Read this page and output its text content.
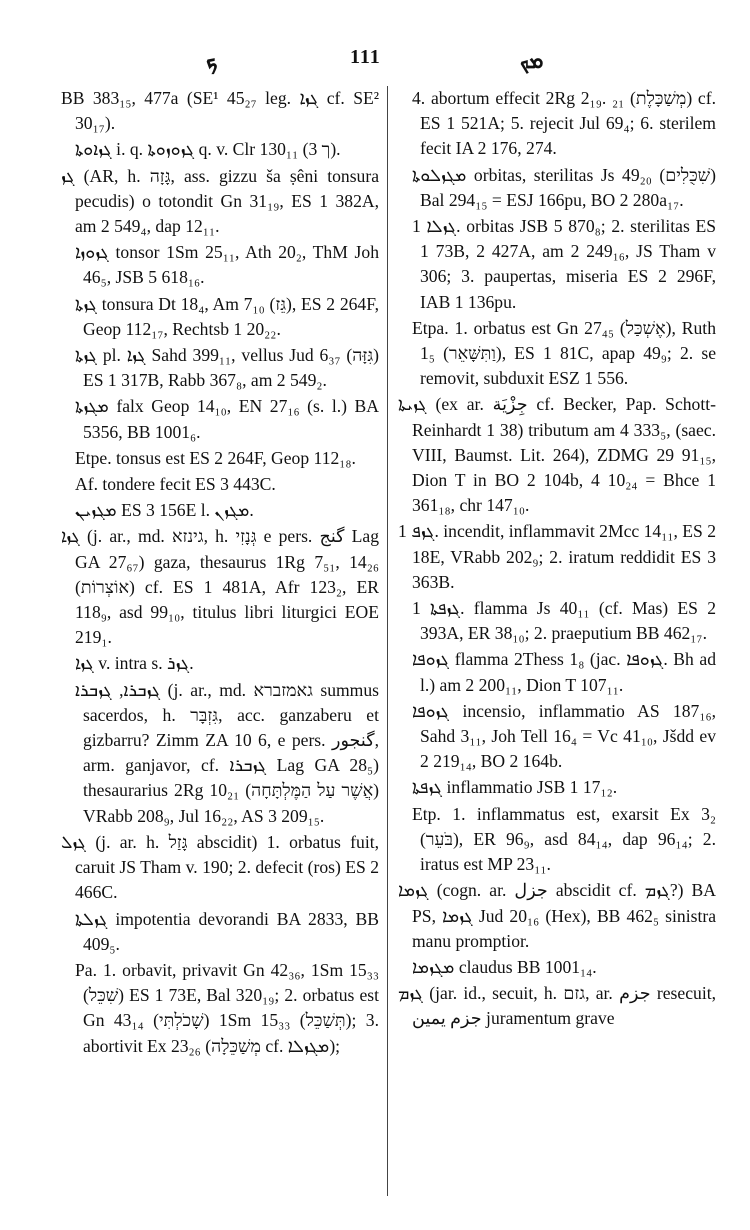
ܟ	111	ܡܟ
BB 383₁₅, 477a (SE¹ 45₂₇ leg. ܓܙܐ cf. SE² 30₁₇).
ܓܙܐܘܬܐ i. q. ܓܙܘܙܘܬܐ q. v. Clr 130₁₁ (ך 3).
ܓܙ (AR, h. גָּזָה, ass. gizzu ša ṣêni tonsura pecudis) o totondit Gn 31₁₉, ES 1 382A, am 2 549₄, dap 12₁₁.
ܓܙܘܙܐ tonsor 1Sm 25₁₁, Ath 20₂, ThM Joh 46₅, JSB 5 618₁₆.
ܓܙܬܐ tonsura Dt 18₄, Am 7₁₀ (גֵּז), ES 2 264F, Geop 112₁₇, Rechtsb 1 20₂₂.
ܓܙܬܐ pl. ܓܙܐ Sahd 399₁₁, vellus Jud 6₃₇ (גִּזָּה) ES 1 317B, Rabb 367₈, am 2 549₂.
ܡܓܙܬܐ falx Geop 14₁₀, EN 27₁₆ (s. l.) BA 5356, BB 1001₆.
Etpe. tonsus est ES 2 264F, Geop 112₁₈.
Af. tondere fecit ES 3 443C.
ܡܓܙܝܢ ES 3 156E l. ܡܓܙܢ.
ܓܙܐ (j. ar., md. גינזא, h. גְּנָזִי e pers. گنج Lag GA 27₆₇) gaza, thesaurus 1Rg 7₅₁, 14₂₆ (אוֹצְרוֹת) cf. ES 1 481A, Afr 123₂, ER 118₉, asd 99₁₀, titulus libri liturgici EOE 219₁.
ܓܙܐ v. intra s. ܓܙܪ.
ܓܙܒܪܐ, ܓܙܒܪܐ (j. ar., md. גאמזברא summus sacerdos, h. גִּזְבָּר, acc. ganzaberu et gizbarru? Zimm ZA 10 6, e pers. گنجور, arm. ganjavor, cf. ܓܙܒܪܐ Lag GA 28₅) thesaurarius 2Rg 10₂₁ (אֲשֶׁר עַל הַמֶּלְתָּחָה) VRabb 208₉, Jul 16₂₂, AS 3 209₁₅.
ܓܙܠ (j. ar. h. גָּזַל abscidit) 1. orbatus fuit, caruit JS Tham v. 190; 2. defecit (ros) ES 2 466C.
ܓܙܠܬܐ impotentia devorandi BA 2833, BB 409₅.
Pa. 1. orbavit, privavit Gn 42₃₆, 1Sm 15₃₃ (שִׁכֵּל) ES 1 73E, Bal 320₁₉; 2. orbatus est Gn 43₁₄ (שָׁכֹלְתִּי) 1Sm 15₃₃ (תְּשַׁכֵּל); 3. abortivit Ex 23₂₆ (מְשַׁכֵּלָה cf. ܡܓܙܠܐ);
4. abortum effecit 2Rg 2₁₉. ₂₁ (מְשַׁכָּלֶת) cf. ES 1 521A; 5. rejecit Jul 69₄; 6. sterilem fecit IA 2 176, 274.
ܡܓܙܠܘܬܐ orbitas, sterilitas Js 49₂₀ (שִׁכֻּלִים) Bal 294₁₅ = ESJ 166pu, BO 2 280a₁₇.
ܓܙܠܐ 1. orbitas JSB 5 870₈; 2. sterilitas ES 1 73B, 2 427A, am 2 249₁₆, JS Tham v 306; 3. paupertas, miseria ES 2 296F, IAB 1 136pu.
Etpa. 1. orbatus est Gn 27₄₅ (אֶשְׁכַּל), Ruth 1₅ (וַתִּשָּׁאֵר), ES 1 81C, apap 49₉; 2. se removit, subduxit ESZ 1 556.
ܓܙܝܬܐ (ex ar. جِزْيَة cf. Becker, Pap. Schott-Reinhardt 1 38) tributum am 4 333₅, (saec. VIII, Baumst. Lit. 264), ZDMG 29 91₁₅, Dion T in BO 2 104b, 4 10₂₄ = Bhce 1 361₁₈, chr 147₁₀.
ܓܙܦ 1. incendit, inflammavit 2Mcc 14₁₁, ES 2 18E, VRabb 202₉; 2. iratum reddidit ES 3 363B.
ܓܙܦܬܐ 1. flamma Js 40₁₁ (cf. Mas) ES 2 393A, ER 38₁₀; 2. praeputium BB 462₁₇.
ܓܙܘܦܐ flamma 2Thess 1₈ (jac. ܓܙܘܦܐ. Bh ad l.) am 2 200₁₁, Dion T 107₁₁.
ܓܙܘܦܐ incensio, inflammatio AS 187₁₆, Sahd 3₁₁, Joh Tell 16₄ = Vc 41₁₀, Jšdd ev 2 219₁₄, BO 2 164b.
ܓܙܦܬܐ inflammatio JSB 1 17₁₂.
Etp. 1. inflammatus est, exarsit Ex 3₂ (בֹּעֵר), ER 96₉, asd 84₁₄, dap 96₁₄; 2. iratus est MP 23₁₁.
ܓܙܡܐ (cogn. ar. جزل abscidit cf. ܓܙܡ?) BA PS, ܓܙܡܐ Jud 20₁₆ (Hex), BB 462₅ sinistra manu promptior.
ܡܓܙܡܐ claudus BB 1001₁₄.
ܓܙܡ (jar. id., secuit, h. גזם, ar. جزم resecuit, جزم يمين juramentum grave
